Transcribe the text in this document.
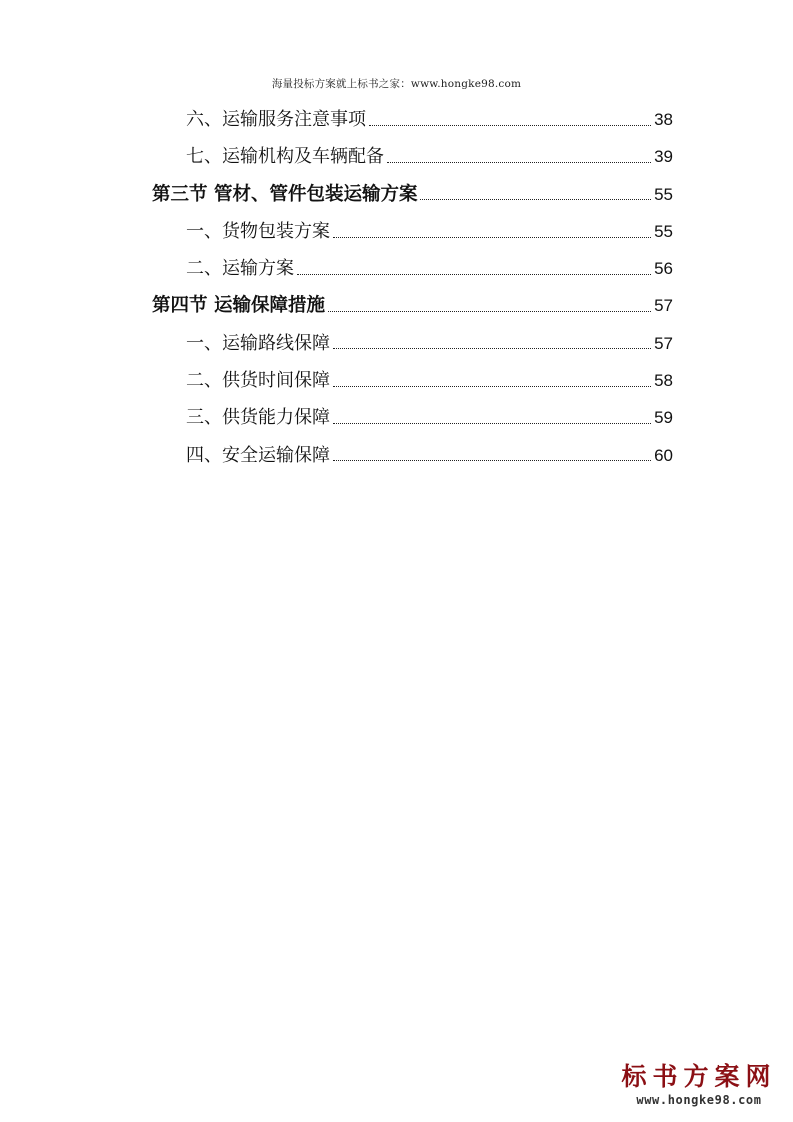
海量投标方案就上标书之家：www.hongke98.com
六、运输服务注意事项	38
七、运输机构及车辆配备	39
第三节 管材、管件包装运输方案	55
一、货物包装方案	55
二、运输方案	56
第四节 运输保障措施	57
一、运输路线保障	57
二、供货时间保障	58
三、供货能力保障	59
四、安全运输保障	60
标书方案网
www.hongke98.com
